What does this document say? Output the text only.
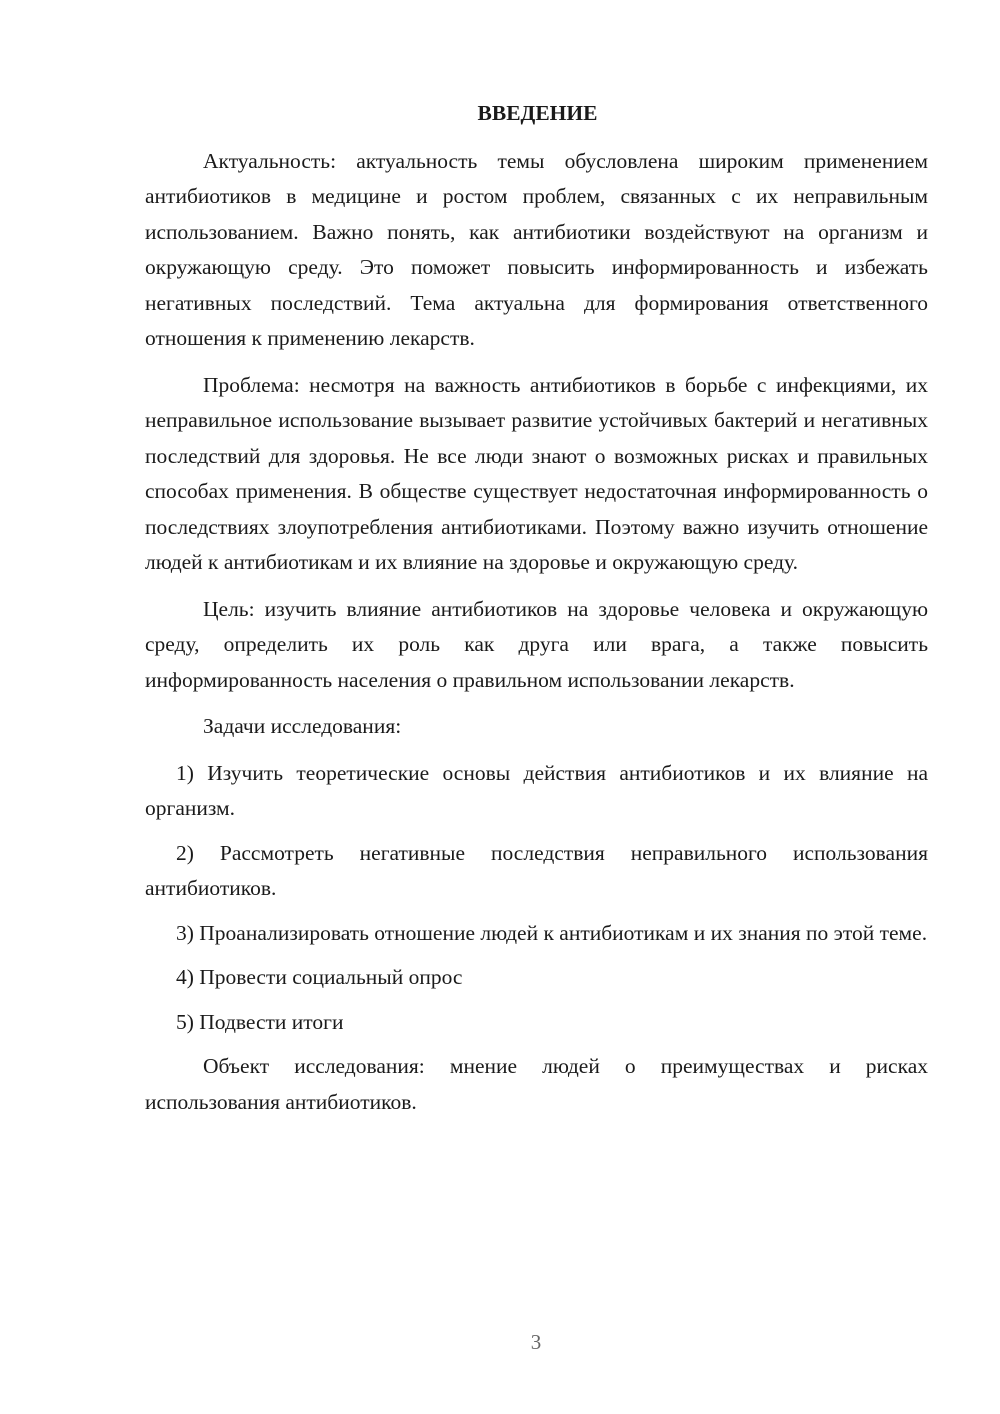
ВВЕДЕНИЕ

Актуальность: актуальность темы обусловлена широким применением антибиотиков в медицине и ростом проблем, связанных с их неправильным использованием. Важно понять, как антибиотики воздействуют на организм и окружающую среду. Это поможет повысить информированность и избежать негативных последствий. Тема актуальна для формирования ответственного отношения к применению лекарств.

Проблема: несмотря на важность антибиотиков в борьбе с инфекциями, их неправильное использование вызывает развитие устойчивых бактерий и негативных последствий для здоровья. Не все люди знают о возможных рисках и правильных способах применения. В обществе существует недостаточная информированность о последствиях злоупотребления антибиотиками. Поэтому важно изучить отношение людей к антибиотикам и их влияние на здоровье и окружающую среду.

Цель: изучить влияние антибиотиков на здоровье человека и окружающую среду, определить их роль как друга или врага, а также повысить информированность населения о правильном использовании лекарств.

Задачи исследования:

1) Изучить теоретические основы действия антибиотиков и их влияние на организм.

2) Рассмотреть негативные последствия неправильного использования антибиотиков.

3) Проанализировать отношение людей к антибиотикам и их знания по этой теме.

4) Провести социальный опрос

5) Подвести итоги

Объект исследования: мнение людей о преимуществах и рисках использования антибиотиков.

3
